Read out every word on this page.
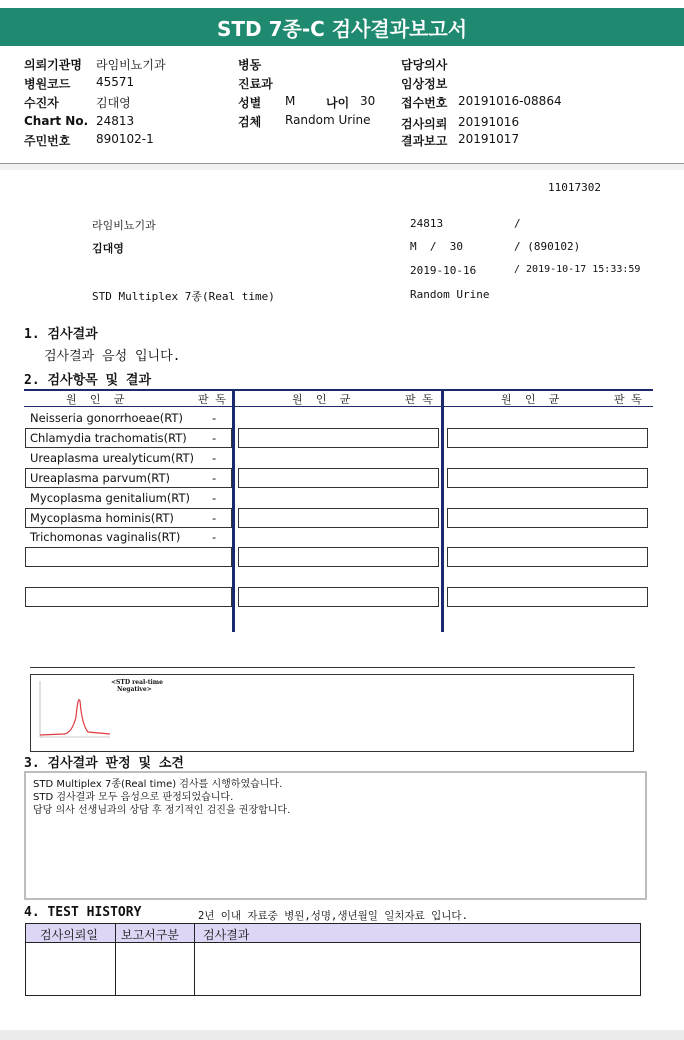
STD 7종-C 검사결과보고서
의뢰기관명 라임비뇨기과
병원코드 45571
수진자	김대영
Chart No. 24813
주민번호 890102-1
병동
진료과
성별 M	나이 30
검체 Random Urine
담당의사
임상정보
접수번호 20191016-08864
검사의뢰 20191016
결과보고 20191017
11017302
라임비뇨기과	24813	/
김대영	M  /  30	/ (890102)
2019-10-16	/ 2019-10-17 15:33:59
STD Multiplex 7종(Real time)	Random Urine
1. 검사결과
검사결과 음성 입니다.
2. 검사항목 및 결과
원  인  균	판 독	원  인  균	판 독	원  인  균	판 독
Neisseria gonorrhoeae(RT)	-
Chlamydia trachomatis(RT) -
Ureaplasma urealyticum(RT) -
Ureaplasma parvum(RT)	-
Mycoplasma genitalium(RT) -
Mycoplasma hominis(RT)	-
Trichomonas vaginalis(RT)	-
<STD real-time
Negative>
3. 검사결과 판정 및 소견
STD Multiplex 7종(Real time) 검사를 시행하였습니다.
STD 검사결과 모두 음성으로 판정되었습니다.
담당 의사 선생님과의 상담 후 정기적인 검진을 권장합니다.
4. TEST HISTORY	2년 이내 자료중 병원,성명,생년월일 일치자료 입니다.
검사의뢰일 보고서구분 검사결과
